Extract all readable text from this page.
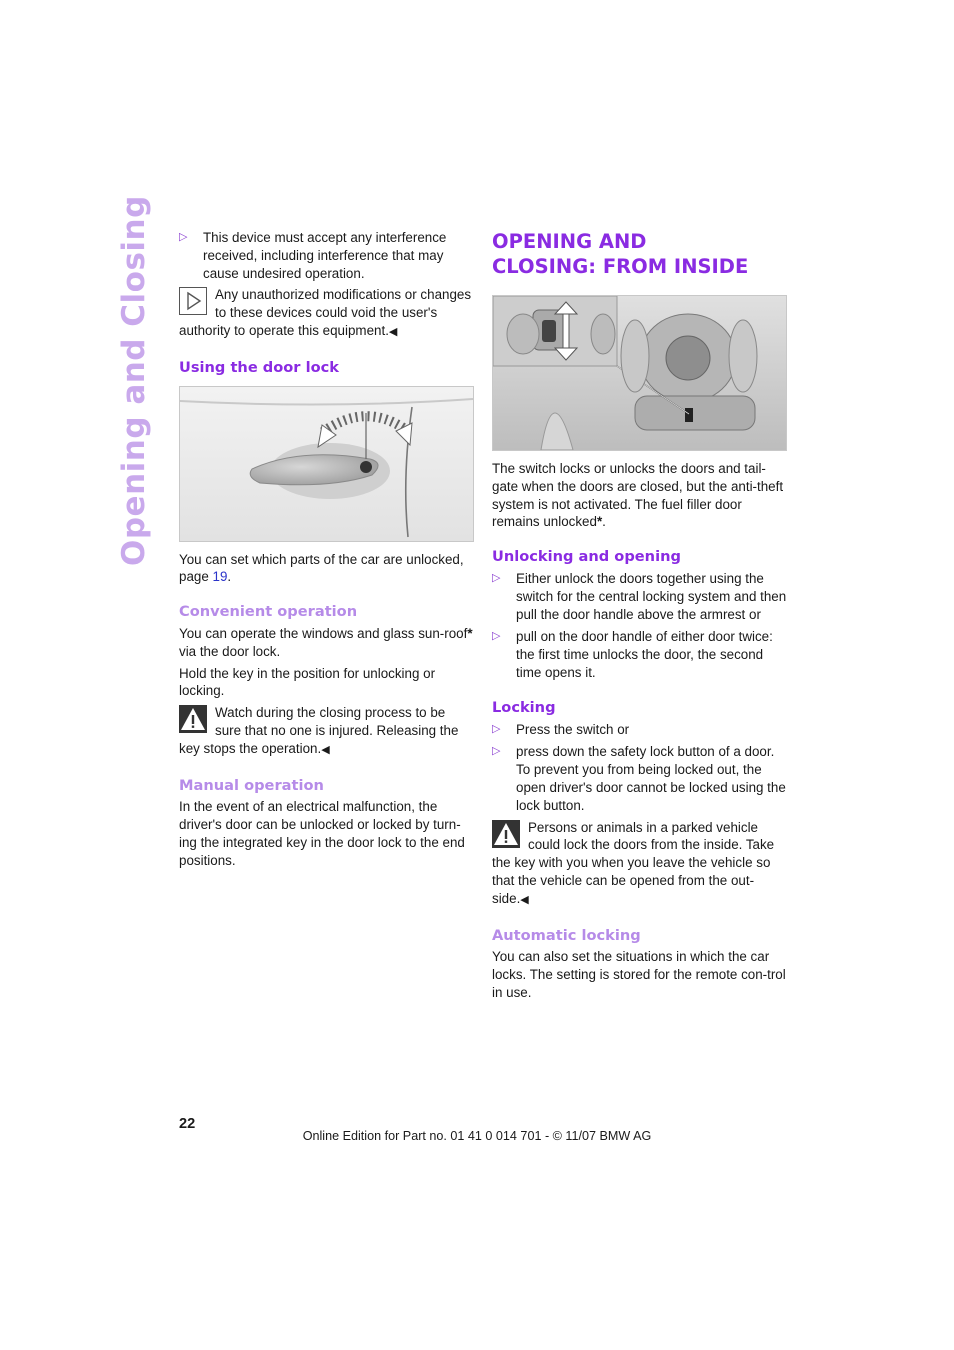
Opening and Closing ▷ This device must accept any interference received, including interference that may cause undesired operation.
Any unauthorized modifications or changes to these devices could void the user's authority to operate this equipment.◀
Using the door lock

You can set which parts of the car are unlocked, page 19.

Convenient operation

You can operate the windows and glass sun-roof* via the door lock.

Hold the key in the position for unlocking or locking.

Watch during the closing process to be sure that no one is injured. Releasing the key stops the operation.◀
Manual operation

In the event of an electrical malfunction, the driver's door can be unlocked or locked by turn-ing the integrated key in the door lock to the end positions.

OPENING AND CLOSING: FROM INSIDE

The switch locks or unlocks the doors and tail-gate when the doors are closed, but the anti-theft system is not activated. The fuel filler door remains unlocked*.

Unlocking and opening
▷ Either unlock the doors together using the switch for the central locking system and then pull the door handle above the armrest or
▷ pull on the door handle of either door twice: the first time unlocks the door, the second time opens it.
Locking
▷ Press the switch or
▷ press down the safety lock button of a door. To prevent you from being locked out, the open driver's door cannot be locked using the lock button.
Persons or animals in a parked vehicle could lock the doors from the inside. Take the key with you when you leave the vehicle so that the vehicle can be opened from the out-side.◀
Automatic locking

You can also set the situations in which the car locks. The setting is stored for the remote con-trol in use.

22
Online Edition for Part no. 01 41 0 014 701 - © 11/07 BMW AG
